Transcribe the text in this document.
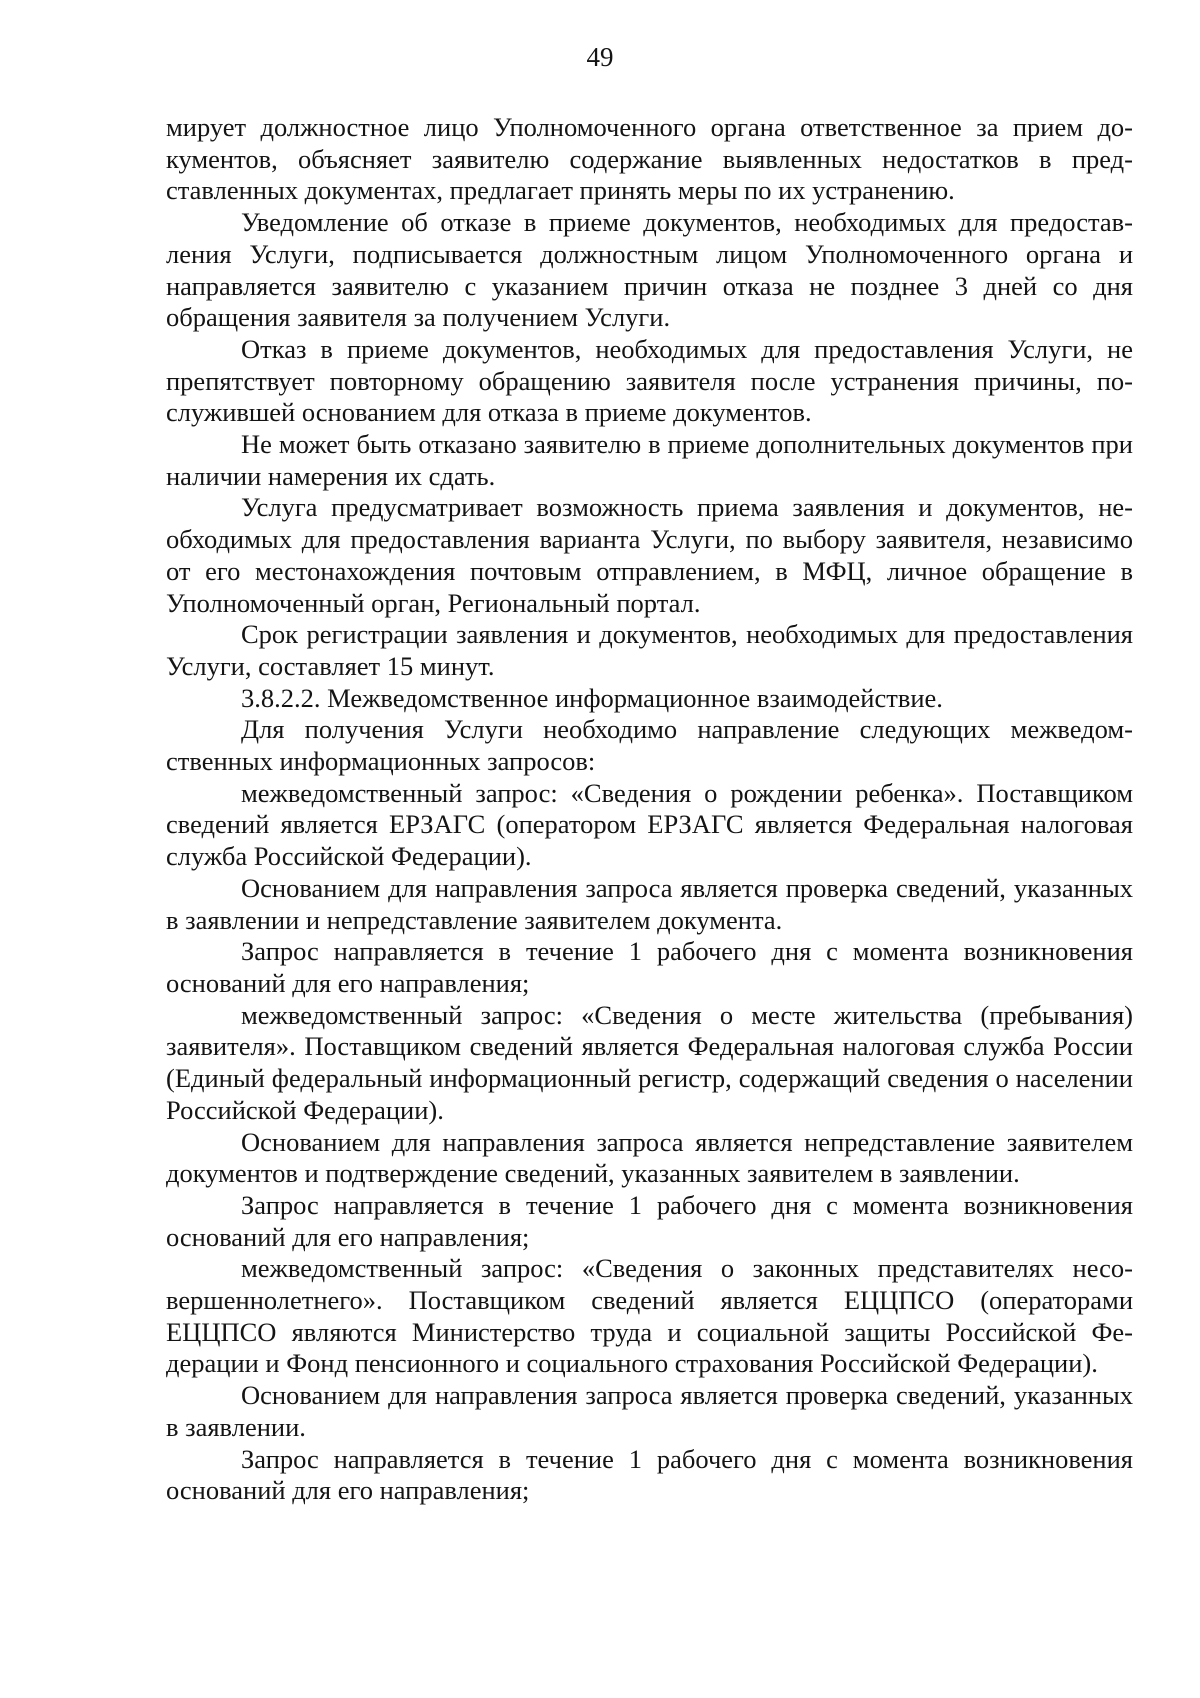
49

мирует должностное лицо Уполномоченного органа ответственное за прием документов, объясняет заявителю содержание выявленных недостатков в представленных документах, предлагает принять меры по их устранению.

Уведомление об отказе в приеме документов, необходимых для предоставления Услуги, подписывается должностным лицом Уполномоченного органа и направляется заявителю с указанием причин отказа не позднее 3 дней со дня обращения заявителя за получением Услуги.

Отказ в приеме документов, необходимых для предоставления Услуги, не препятствует повторному обращению заявителя после устранения причины, послужившей основанием для отказа в приеме документов.

Не может быть отказано заявителю в приеме дополнительных документов при наличии намерения их сдать.

Услуга предусматривает возможность приема заявления и документов, необходимых для предоставления варианта Услуги, по выбору заявителя, независимо от его местонахождения почтовым отправлением, в МФЦ, личное обращение в Уполномоченный орган, Региональный портал.

Срок регистрации заявления и документов, необходимых для предоставления Услуги, составляет 15 минут.

3.8.2.2. Межведомственное информационное взаимодействие.

Для получения Услуги необходимо направление следующих межведомственных информационных запросов:

межведомственный запрос: «Сведения о рождении ребенка». Поставщиком сведений является ЕРЗАГС (оператором ЕРЗАГС является Федеральная налоговая служба Российской Федерации).

Основанием для направления запроса является проверка сведений, указанных в заявлении и непредставление заявителем документа.

Запрос направляется в течение 1 рабочего дня с момента возникновения оснований для его направления;

межведомственный запрос: «Сведения о месте жительства (пребывания) заявителя». Поставщиком сведений является Федеральная налоговая служба России (Единый федеральный информационный регистр, содержащий сведения о населении Российской Федерации).

Основанием для направления запроса является непредставление заявителем документов и подтверждение сведений, указанных заявителем в заявлении.

Запрос направляется в течение 1 рабочего дня с момента возникновения оснований для его направления;

межведомственный запрос: «Сведения о законных представителях несовершеннолетнего». Поставщиком сведений является ЕЦЦПСО (операторами ЕЦЦПСО являются Министерство труда и социальной защиты Российской Федерации и Фонд пенсионного и социального страхования Российской Федерации).

Основанием для направления запроса является проверка сведений, указанных в заявлении.

Запрос направляется в течение 1 рабочего дня с момента возникновения оснований для его направления;
